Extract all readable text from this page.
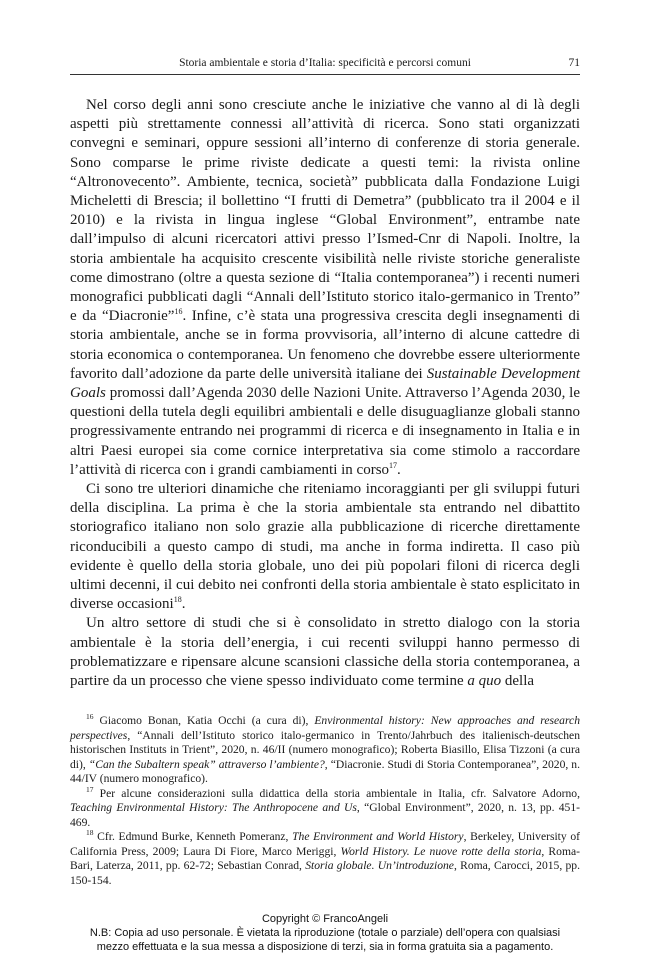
Storia ambientale e storia d’Italia: specificità e percorsi comuni	71

Nel corso degli anni sono cresciute anche le iniziative che vanno al di là degli aspetti più strettamente connessi all’attività di ricerca. Sono stati organizzati convegni e seminari, oppure sessioni all’interno di conferenze di storia generale. Sono comparse le prime riviste dedicate a questi temi: la rivista online “Altronovecento”. Ambiente, tecnica, società” pubblicata dalla Fondazione Luigi Micheletti di Brescia; il bollettino “I frutti di Demetra” (pubblicato tra il 2004 e il 2010) e la rivista in lingua inglese “Global Environment”, entrambe nate dall’impulso di alcuni ricercatori attivi presso l’Ismed-Cnr di Napoli. Inoltre, la storia ambientale ha acquisito crescente visibilità nelle riviste storiche generaliste come dimostrano (oltre a questa sezione di “Italia contemporanea”) i recenti numeri monografici pubblicati dagli “Annali dell’Istituto storico italo-germanico in Trento” e da “Diacronie”$^{16}$. Infine, c’è stata una progressiva crescita degli insegnamenti di storia ambientale, anche se in forma provvisoria, all’interno di alcune cattedre di storia economica o contemporanea. Un fenomeno che dovrebbe essere ulteriormente favorito dall’adozione da parte delle università italiane dei Sustainable Development Goals promossi dall’Agenda 2030 delle Nazioni Unite. Attraverso l’Agenda 2030, le questioni della tutela degli equilibri ambientali e delle disuguaglianze globali stanno progressivamente entrando nei programmi di ricerca e di insegnamento in Italia e in altri Paesi europei sia come cornice interpretativa sia come stimolo a raccordare l’attività di ricerca con i grandi cambiamenti in corso$^{17}$.

Ci sono tre ulteriori dinamiche che riteniamo incoraggianti per gli sviluppi futuri della disciplina. La prima è che la storia ambientale sta entrando nel dibattito storiografico italiano non solo grazie alla pubblicazione di ricerche direttamente riconducibili a questo campo di studi, ma anche in forma indiretta. Il caso più evidente è quello della storia globale, uno dei più popolari filoni di ricerca degli ultimi decenni, il cui debito nei confronti della storia ambientale è stato esplicitato in diverse occasioni$^{18}$.

Un altro settore di studi che si è consolidato in stretto dialogo con la storia ambientale è la storia dell’energia, i cui recenti sviluppi hanno permesso di problematizzare e ripensare alcune scansioni classiche della storia contemporanea, a partire da un processo che viene spesso individuato come termine a quo della

$^{16}$ Giacomo Bonan, Katia Occhi (a cura di), Environmental history: New approaches and research perspectives, “Annali dell’Istituto storico italo-germanico in Trento/Jahrbuch des italienisch-deutschen historischen Instituts in Trient”, 2020, n. 46/II (numero monografico); Roberta Biasillo, Elisa Tizzoni (a cura di), “Can the Subaltern speak” attraverso l’ambiente?, “Diacronie. Studi di Storia Contemporanea”, 2020, n. 44/IV (numero monografico).

$^{17}$ Per alcune considerazioni sulla didattica della storia ambientale in Italia, cfr. Salvatore Adorno, Teaching Environmental History: The Anthropocene and Us, “Global Environment”, 2020, n. 13, pp. 451-469.

$^{18}$ Cfr. Edmund Burke, Kenneth Pomeranz, The Environment and World History, Berkeley, University of California Press, 2009; Laura Di Fiore, Marco Meriggi, World History. Le nuove rotte della storia, Roma-Bari, Laterza, 2011, pp. 62-72; Sebastian Conrad, Storia globale. Un’introduzione, Roma, Carocci, 2015, pp. 150-154.

Copyright © FrancoAngeli
N.B: Copia ad uso personale. È vietata la riproduzione (totale o parziale) dell’opera con qualsiasi
mezzo effettuata e la sua messa a disposizione di terzi, sia in forma gratuita sia a pagamento.
